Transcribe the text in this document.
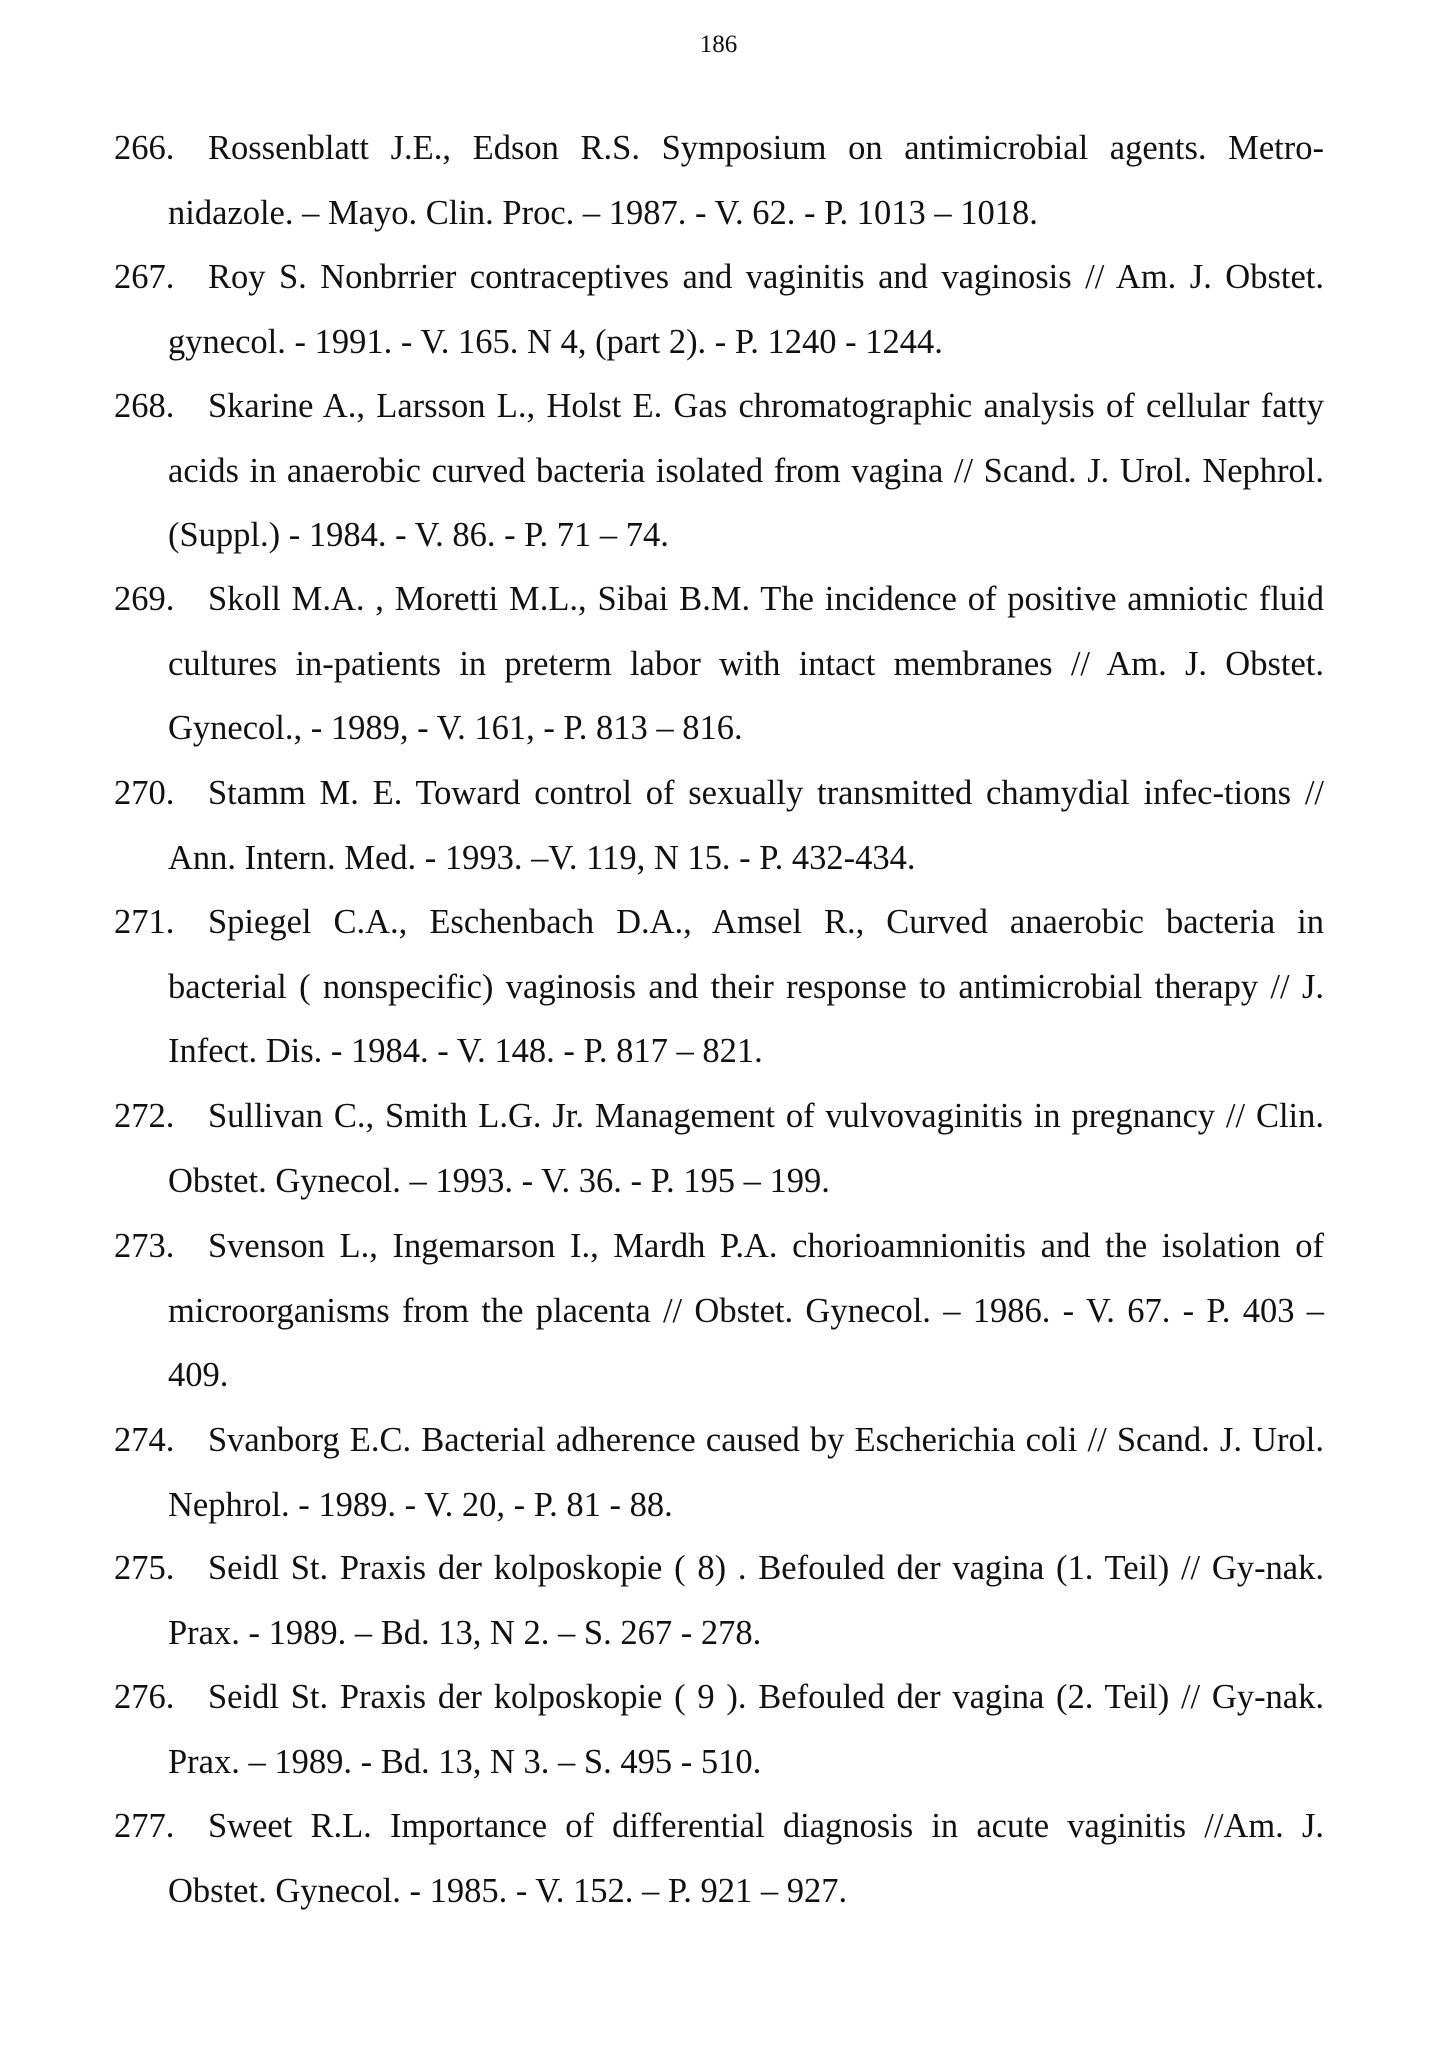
186
266. Rossenblatt J.E., Edson R.S. Symposium on antimicrobial agents. Metro-nidazole. – Mayo. Clin. Proc. – 1987. - V. 62. - P. 1013 – 1018.
267. Roy S. Nonbrrier contraceptives and vaginitis and vaginosis // Am. J. Obstet. gynecol. - 1991. - V. 165. N 4, (part 2). - P. 1240 - 1244.
268. Skarine A., Larsson L., Holst E. Gas chromatographic analysis of cellular fatty acids in anaerobic curved bacteria isolated from vagina // Scand. J. Urol. Nephrol. (Suppl.) - 1984. - V. 86. - P. 71 – 74.
269. Skoll M.A. , Moretti M.L., Sibai B.M. The incidence of positive amniotic fluid cultures in-patients in preterm labor with intact membranes // Am. J. Obstet. Gynecol., - 1989, - V. 161, - P. 813 – 816.
270. Stamm M. E. Toward control of sexually transmitted chamydial infec-tions // Ann. Intern. Med. - 1993. –V. 119, N 15. - P. 432-434.
271. Spiegel C.A., Eschenbach D.A., Amsel R., Curved anaerobic bacteria in bacterial ( nonspecific) vaginosis and their response to antimicrobial therapy // J. Infect. Dis. - 1984. - V. 148. - P. 817 – 821.
272. Sullivan C., Smith L.G. Jr. Management of vulvovaginitis in pregnancy // Clin. Obstet. Gynecol. – 1993. - V. 36. - P. 195 – 199.
273. Svenson L., Ingemarson I., Mardh P.A. chorioamnionitis and the isolation of microorganisms from the placenta // Obstet. Gynecol. – 1986. - V. 67. - P. 403 – 409.
274. Svanborg E.C. Bacterial adherence caused by Escherichia coli // Scand. J. Urol. Nephrol. - 1989. - V. 20, - P. 81 - 88.
275. Seidl St. Praxis der kolposkopie ( 8) . Befouled der vagina (1. Teil) // Gy-nak. Prax. - 1989. – Bd. 13, N 2. – S. 267 - 278.
276. Seidl St. Praxis der kolposkopie ( 9 ). Befouled der vagina (2. Teil) // Gy-nak. Prax. – 1989. - Bd. 13, N 3. – S. 495 - 510.
277. Sweet R.L. Importance of differential diagnosis in acute vaginitis //Am. J. Obstet. Gynecol. - 1985. - V. 152. – P. 921 – 927.
